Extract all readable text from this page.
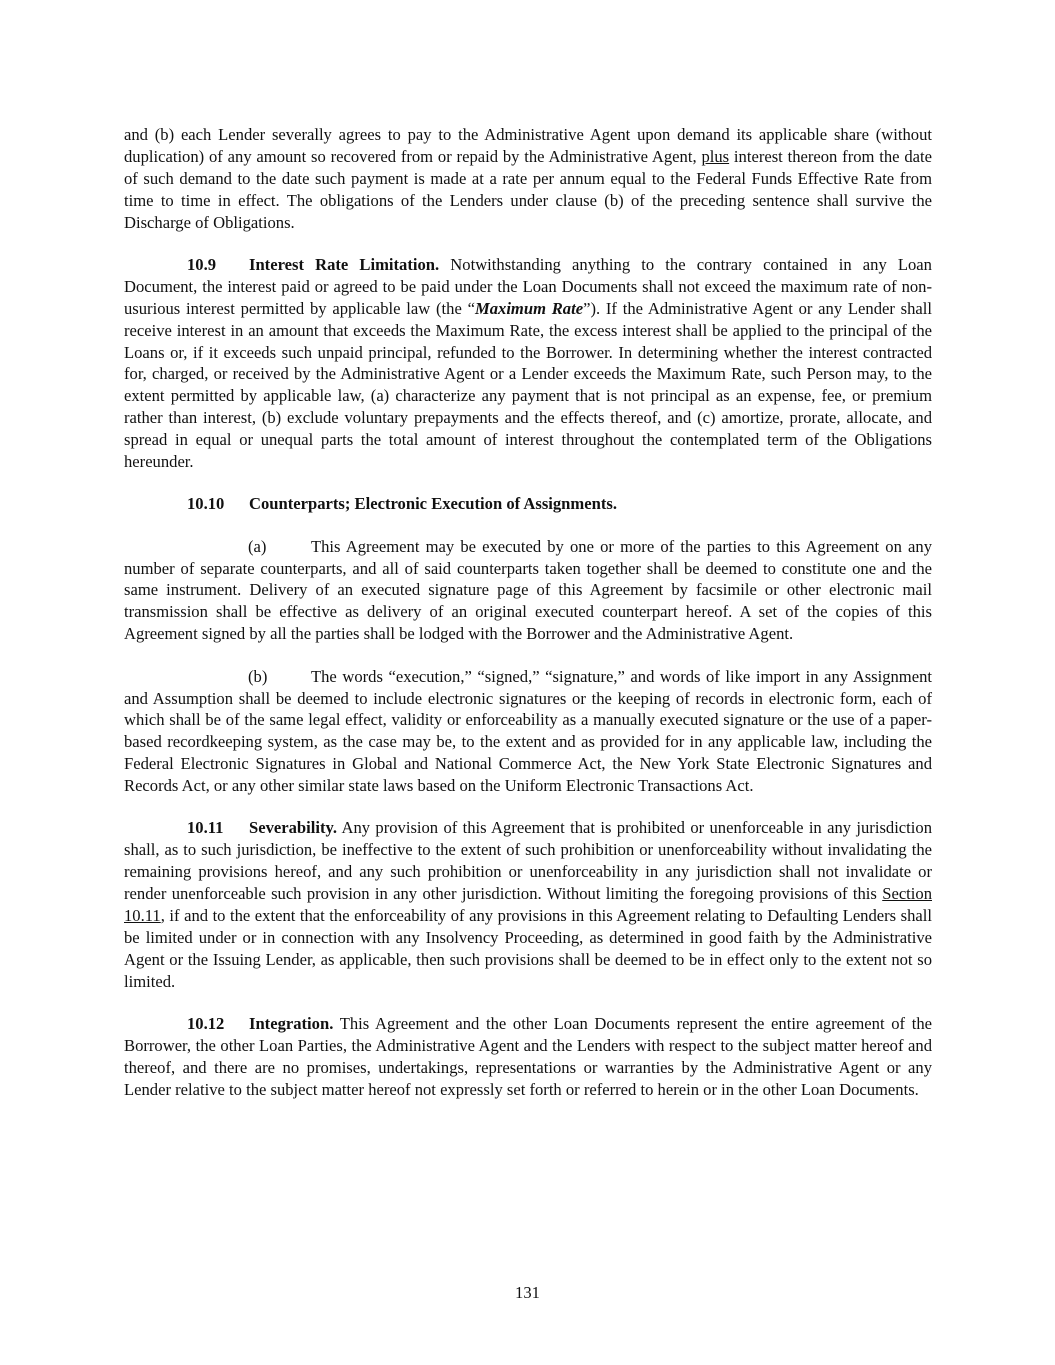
and (b) each Lender severally agrees to pay to the Administrative Agent upon demand its applicable share (without duplication) of any amount so recovered from or repaid by the Administrative Agent, plus interest thereon from the date of such demand to the date such payment is made at a rate per annum equal to the Federal Funds Effective Rate from time to time in effect. The obligations of the Lenders under clause (b) of the preceding sentence shall survive the Discharge of Obligations.

10.9 Interest Rate Limitation. Notwithstanding anything to the contrary contained in any Loan Document, the interest paid or agreed to be paid under the Loan Documents shall not exceed the maximum rate of non-usurious interest permitted by applicable law (the “Maximum Rate”). If the Administrative Agent or any Lender shall receive interest in an amount that exceeds the Maximum Rate, the excess interest shall be applied to the principal of the Loans or, if it exceeds such unpaid principal, refunded to the Borrower. In determining whether the interest contracted for, charged, or received by the Administrative Agent or a Lender exceeds the Maximum Rate, such Person may, to the extent permitted by applicable law, (a) characterize any payment that is not principal as an expense, fee, or premium rather than interest, (b) exclude voluntary prepayments and the effects thereof, and (c) amortize, prorate, allocate, and spread in equal or unequal parts the total amount of interest throughout the contemplated term of the Obligations hereunder.

10.10 Counterparts; Electronic Execution of Assignments.

(a)	This Agreement may be executed by one or more of the parties to this Agreement on any number of separate counterparts, and all of said counterparts taken together shall be deemed to constitute one and the same instrument. Delivery of an executed signature page of this Agreement by facsimile or other electronic mail transmission shall be effective as delivery of an original executed counterpart hereof. A set of the copies of this Agreement signed by all the parties shall be lodged with the Borrower and the Administrative Agent.

(b)	The words “execution,” “signed,” “signature,” and words of like import in any Assignment and Assumption shall be deemed to include electronic signatures or the keeping of records in electronic form, each of which shall be of the same legal effect, validity or enforceability as a manually executed signature or the use of a paper-based recordkeeping system, as the case may be, to the extent and as provided for in any applicable law, including the Federal Electronic Signatures in Global and National Commerce Act, the New York State Electronic Signatures and Records Act, or any other similar state laws based on the Uniform Electronic Transactions Act.

10.11 Severability. Any provision of this Agreement that is prohibited or unenforceable in any jurisdiction shall, as to such jurisdiction, be ineffective to the extent of such prohibition or unenforceability without invalidating the remaining provisions hereof, and any such prohibition or unenforceability in any jurisdiction shall not invalidate or render unenforceable such provision in any other jurisdiction. Without limiting the foregoing provisions of this Section 10.11, if and to the extent that the enforceability of any provisions in this Agreement relating to Defaulting Lenders shall be limited under or in connection with any Insolvency Proceeding, as determined in good faith by the Administrative Agent or the Issuing Lender, as applicable, then such provisions shall be deemed to be in effect only to the extent not so limited.

10.12 Integration. This Agreement and the other Loan Documents represent the entire agreement of the Borrower, the other Loan Parties, the Administrative Agent and the Lenders with respect to the subject matter hereof and thereof, and there are no promises, undertakings, representations or warranties by the Administrative Agent or any Lender relative to the subject matter hereof not expressly set forth or referred to herein or in the other Loan Documents.

131
